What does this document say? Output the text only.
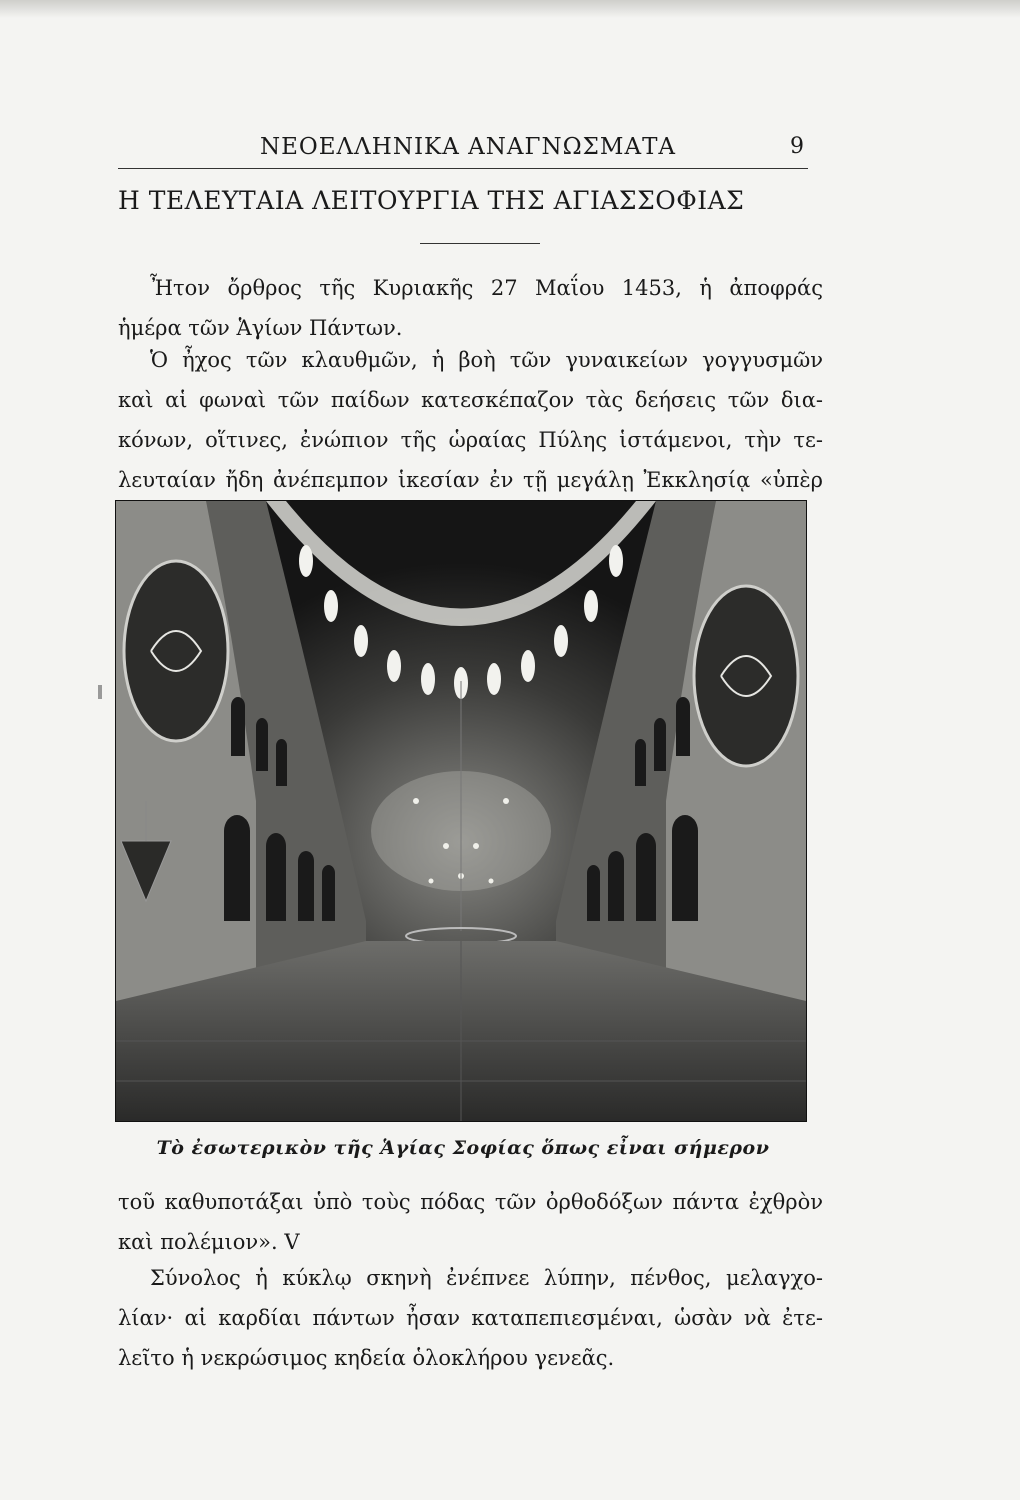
ΝΕΟΕΛΛΗΝΙΚΑ ΑΝΑΓΝΩΣΜΑΤΑ	9
Η ΤΕΛΕΥΤΑΙΑ ΛΕΙΤΟΥΡΓΙΑ ΤΗΣ ΑΓΙΑΣΣΟΦΙΑΣ
Ἦτον ὄρθρος τῆς Κυριακῆς 27 Μαΐου 1453, ἡ ἀποφράς
ἡμέρα τῶν Ἁγίων Πάντων.
Ὁ ἦχος τῶν κλαυθμῶν, ἡ βοὴ τῶν γυναικείων γογγυσμῶν
καὶ αἱ φωναὶ τῶν παίδων κατεσκέπαζον τὰς δεήσεις τῶν δια-
κόνων, οἵτινες, ἐνώπιον τῆς ὡραίας Πύλης ἱστάμενοι, τὴν τε-
λευταίαν ἤδη ἀνέπεμπον ἱκεσίαν ἐν τῇ μεγάλῃ Ἐκκλησίᾳ «ὑπὲρ
Τὸ ἐσωτερικὸν τῆς Ἁγίας Σοφίας ὅπως εἶναι σήμερον
τοῦ καθυποτάξαι ὑπὸ τοὺς πόδας τῶν ὀρθοδόξων πάντα ἐχθρὸν
καὶ πολέμιον». V
Σύνολος ἡ κύκλῳ σκηνὴ ἐνέπνεε λύπην, πένθος, μελαγχο-
λίαν· αἱ καρδίαι πάντων ἦσαν καταπεπιεσμέναι, ὡσὰν νὰ ἐτε-
λεῖτο ἡ νεκρώσιμος κηδεία ὁλοκλήρου γενεᾶς.
